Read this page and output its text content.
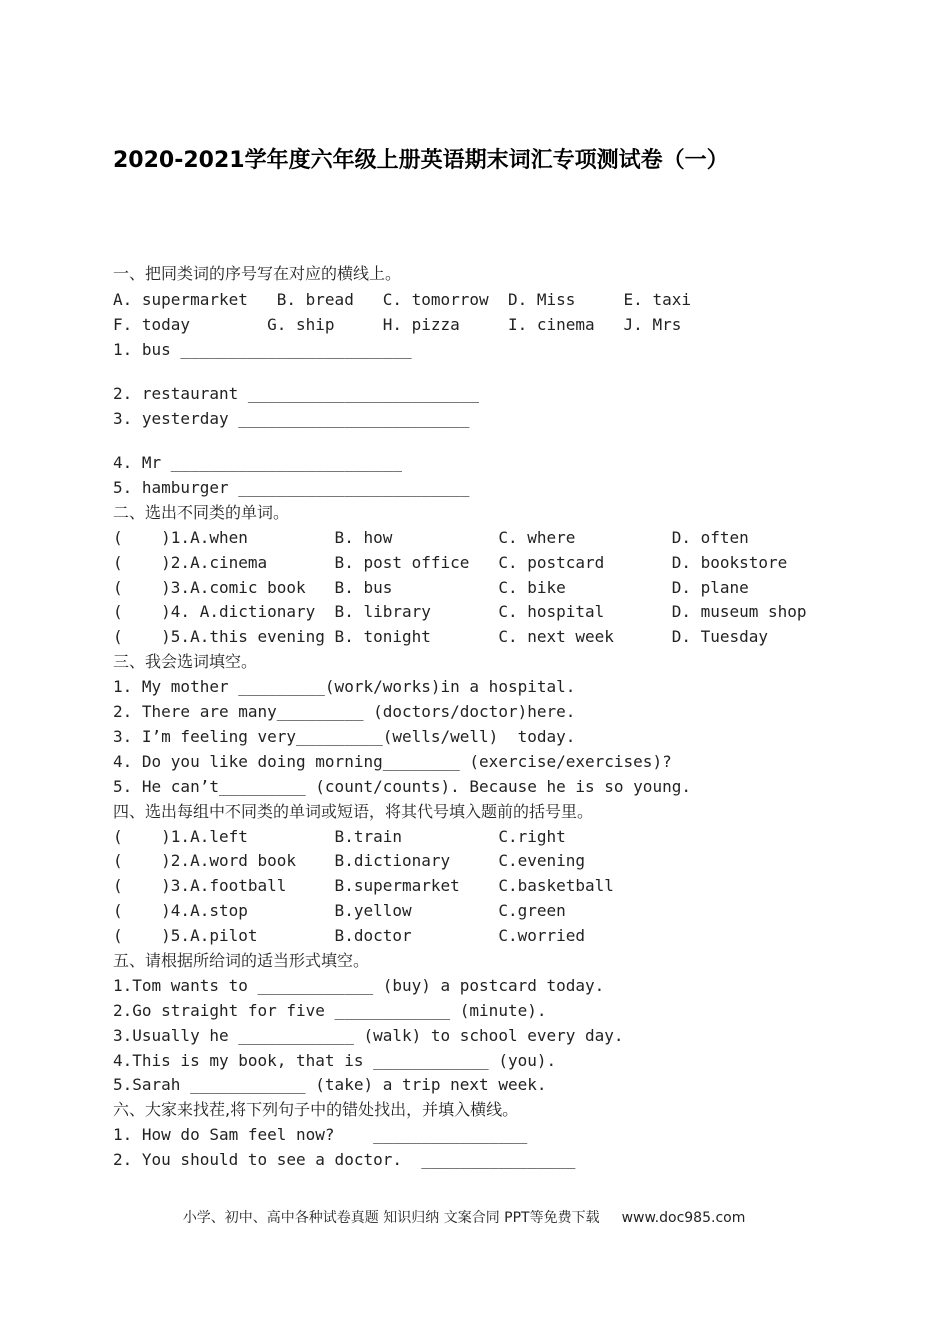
2020-2021学年度六年级上册英语期末词汇专项测试卷（一）
一、把同类词的序号写在对应的横线上。
A. supermarket   B. bread   C. tomorrow  D. Miss     E. taxi
F. today        G. ship     H. pizza     I. cinema   J. Mrs
1. bus ________________________
2. restaurant ________________________
3. yesterday ________________________
4. Mr ________________________
5. hamburger ________________________
二、选出不同类的单词。
(    )1.A.when         B. how           C. where          D. often
(    )2.A.cinema       B. post office   C. postcard       D. bookstore
(    )3.A.comic book   B. bus           C. bike           D. plane
(    )4. A.dictionary  B. library       C. hospital       D. museum shop
(    )5.A.this evening B. tonight       C. next week      D. Tuesday
三、我会选词填空。
1. My mother _________(work/works)in a hospital.
2. There are many_________ (doctors/doctor)here.
3. I’m feeling very_________(wells/well)  today.
4. Do you like doing morning________ (exercise/exercises)?
5. He can’t_________ (count/counts). Because he is so young.
四、选出每组中不同类的单词或短语，将其代号填入题前的括号里。
(    )1.A.left         B.train          C.right
(    )2.A.word book    B.dictionary     C.evening
(    )3.A.football     B.supermarket    C.basketball
(    )4.A.stop         B.yellow         C.green
(    )5.A.pilot        B.doctor         C.worried
五、请根据所给词的适当形式填空。
1.Tom wants to ____________ (buy) a postcard today.
2.Go straight for five ____________ (minute).
3.Usually he ____________ (walk) to school every day.
4.This is my book, that is ____________ (you).
5.Sarah ____________ (take) a trip next week.
六、大家来找茬,将下列句子中的错处找出，并填入横线。
1. How do Sam feel now?    ________________
2. You should to see a doctor.  ________________

小学、初中、高中各种试卷真题 知识归纳 文案合同 PPT等免费下载 www.doc985.com
